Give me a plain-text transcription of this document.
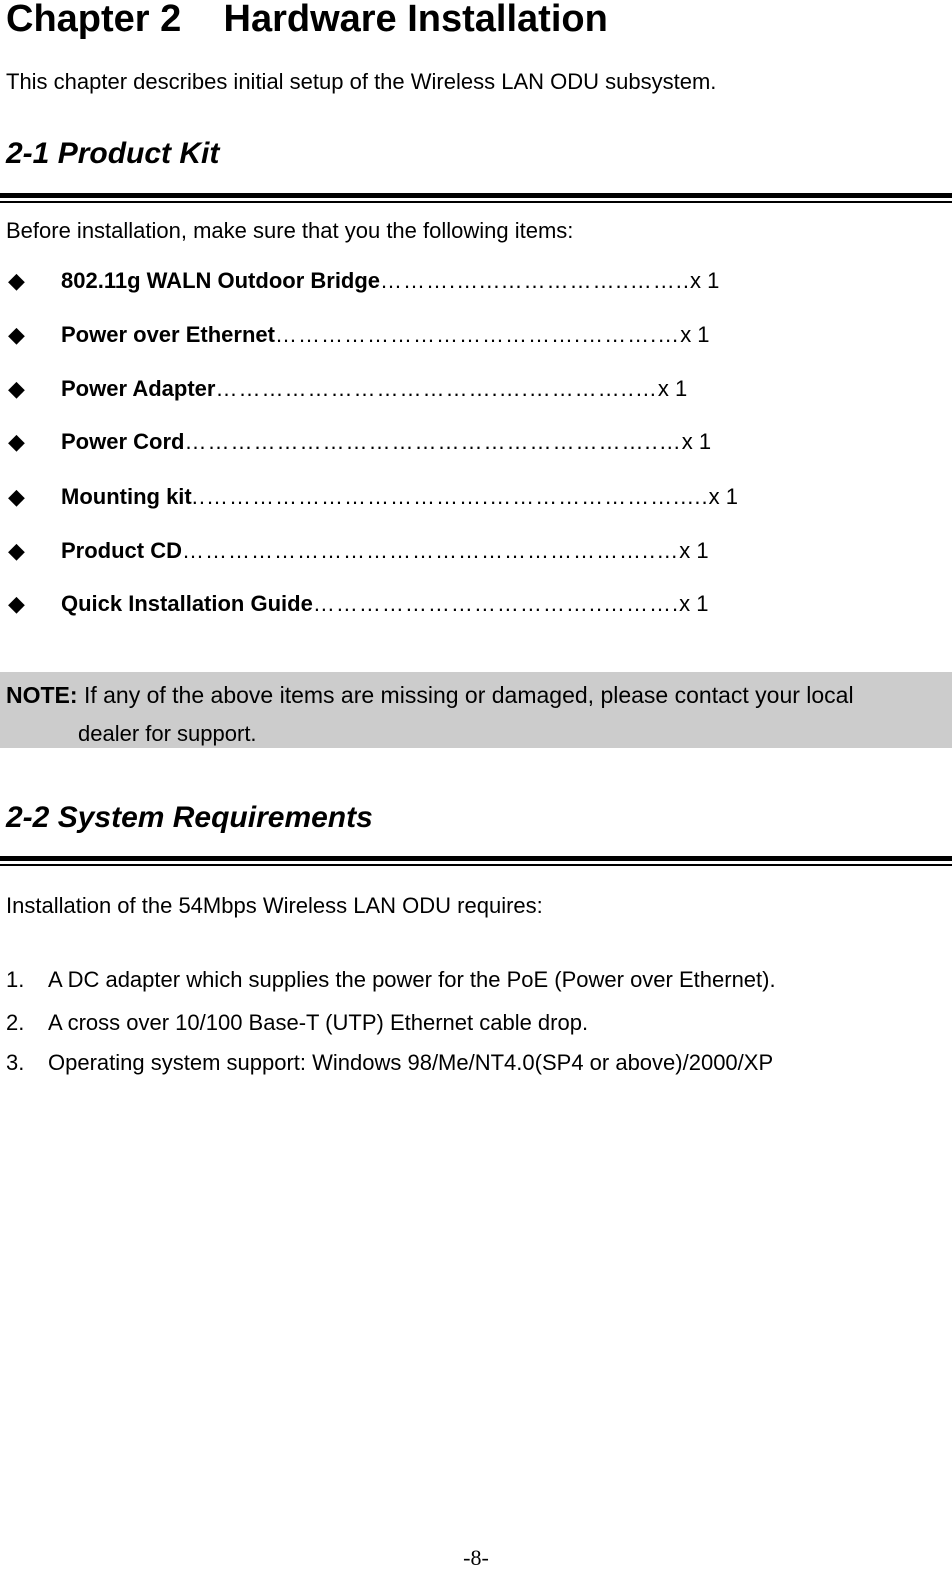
Chapter 2    Hardware Installation
This chapter describes initial setup of the Wireless LAN ODU subsystem.
2-1 Product Kit
Before installation, make sure that you the following items:
◆ 802.11g WALN Outdoor Bridge……….…...……………..……..x 1
◆ Power over Ethernet………………………………….……….…x 1
◆ Power Adapter……………………………….….…………..…x 1
◆ Power Cord……………………………………………………..…x 1
◆ Mounting kit..……………………………….…………………….....x 1
◆ Product CD……………………………………………………..…x 1
◆ Quick Installation Guide………………………………..……….x 1
NOTE: If any of the above items are missing or damaged, please contact your local
dealer for support.
2-2 System Requirements
Installation of the 54Mbps Wireless LAN ODU requires:
1. A DC adapter which supplies the power for the PoE (Power over Ethernet).
2. A cross over 10/100 Base-T (UTP) Ethernet cable drop.
3. Operating system support: Windows 98/Me/NT4.0(SP4 or above)/2000/XP
-8-
